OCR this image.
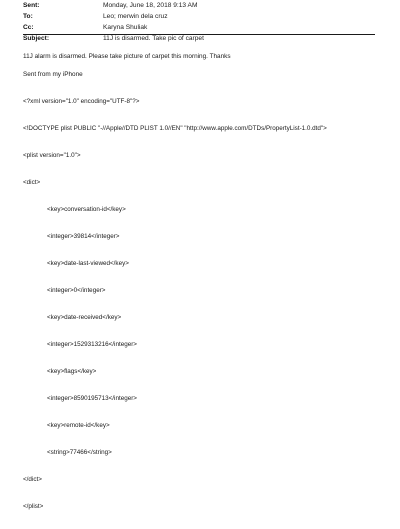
Sent:	Monday, June 18, 2018 9:13 AM
To:	Leo; merwin dela cruz
Cc:	Karyna Shuliak
Subject:	11J is disarmed. Take pic of carpet
11J alarm is disarmed. Please take picture of carpet this morning. Thanks
Sent from my iPhone

<?xml version="1.0" encoding="UTF-8"?>

<!DOCTYPE plist PUBLIC "-//Apple//DTD PLIST 1.0//EN" "http://www.apple.com/DTDs/PropertyList-1.0.dtd">

<plist version="1.0">

<dict>

<key>conversation-id</key>

<integer>39814</integer>

<key>date-last-viewed</key>

<integer>0</integer>

<key>date-received</key>

<integer>1529313216</integer>

<key>flags</key>

<integer>8590195713</integer>

<key>remote-id</key>

<string>77466</string>

</dict>

</plist>
